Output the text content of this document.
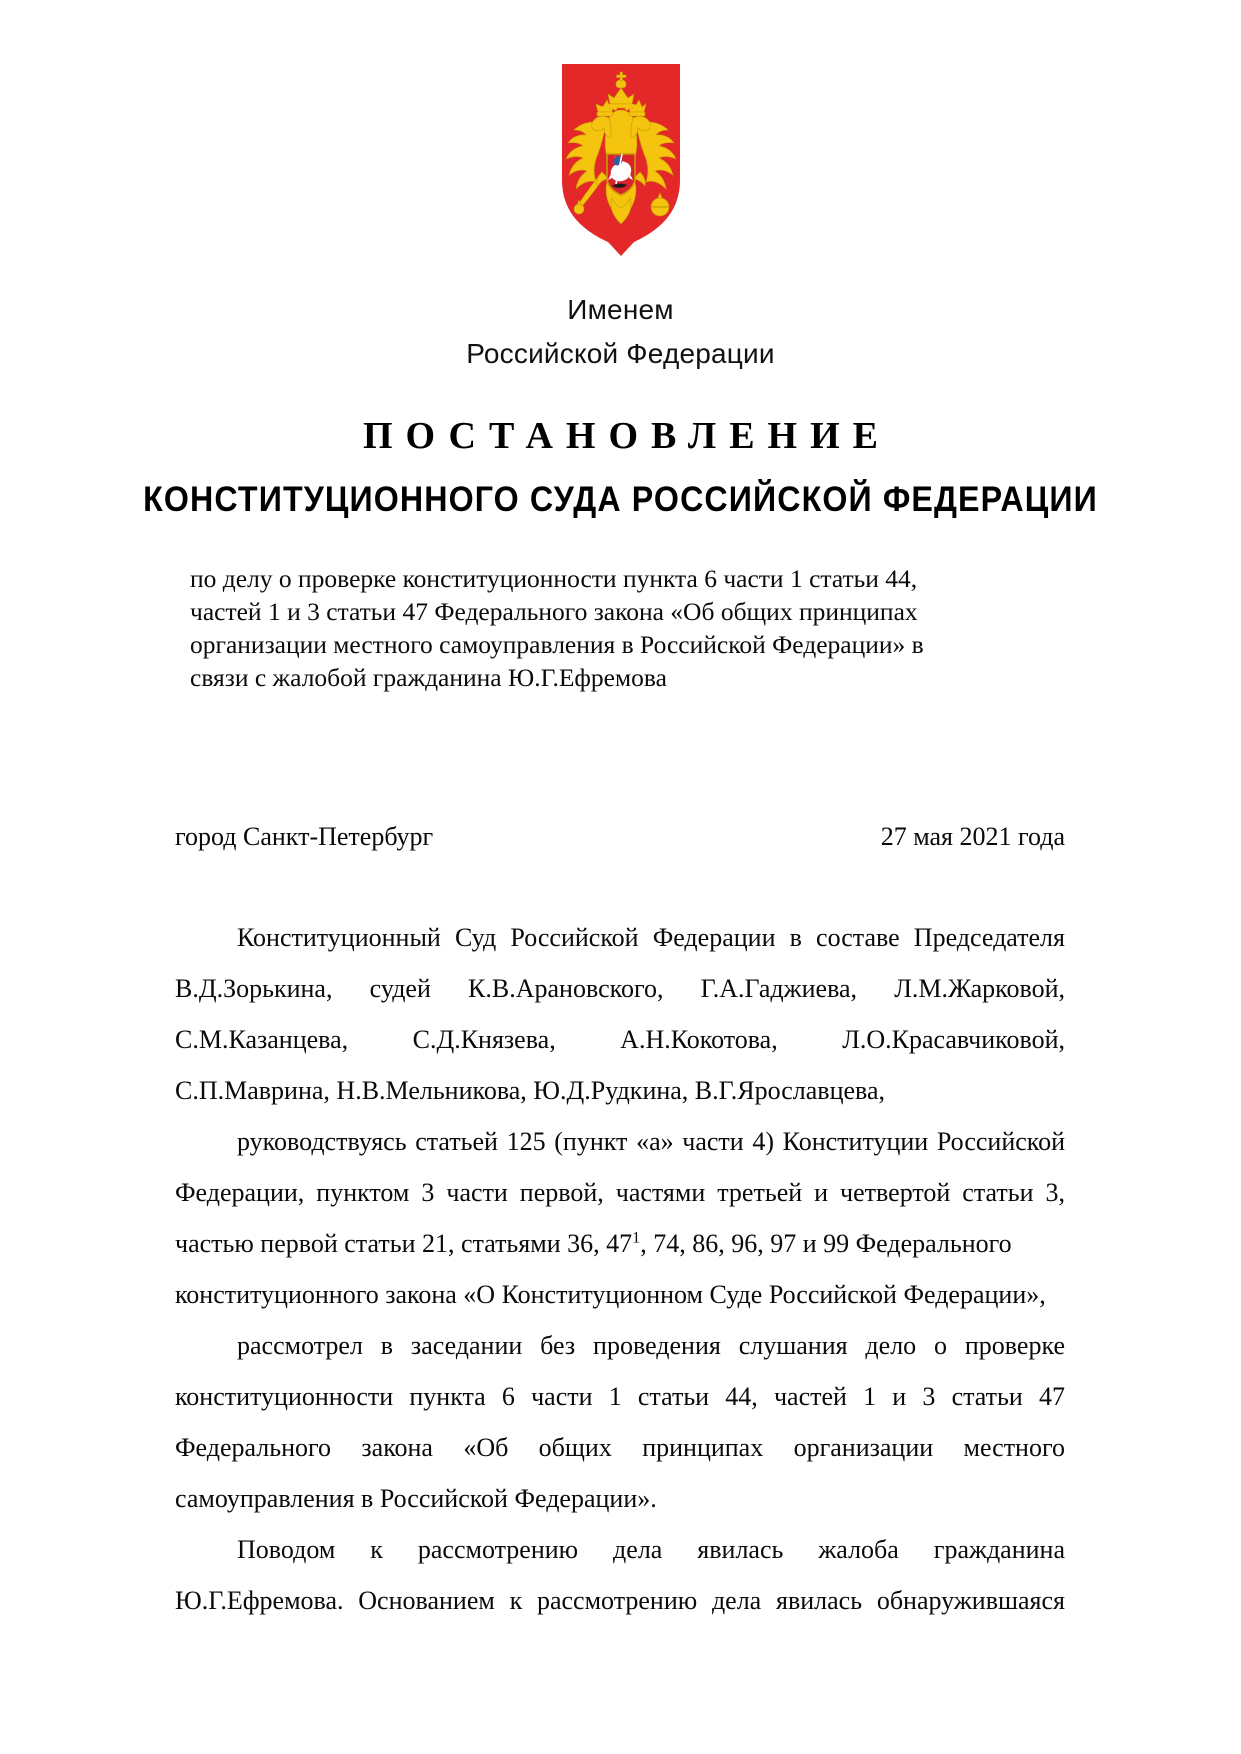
Именем
Российской Федерации
ПОСТАНОВЛЕНИЕ
КОНСТИТУЦИОННОГО СУДА РОССИЙСКОЙ ФЕДЕРАЦИИ
по делу о проверке конституционности пункта 6 части 1 статьи 44,
частей 1 и 3 статьи 47 Федерального закона «Об общих принципах
организации местного самоуправления в Российской Федерации» в
связи с жалобой гражданина Ю.Г.Ефремова
город Санкт-Петербург	27 мая 2021 года

Конституционный Суд Российской Федерации в составе Председателя

В.Д.Зорькина, судей К.В.Арановского, Г.А.Гаджиева, Л.М.Жарковой,

С.М.Казанцева, С.Д.Князева, А.Н.Кокотова, Л.О.Красавчиковой,

С.П.Маврина, Н.В.Мельникова, Ю.Д.Рудкина, В.Г.Ярославцева,

руководствуясь статьей 125 (пункт «а» части 4) Конституции Российской

Федерации, пунктом 3 части первой, частями третьей и четвертой статьи 3,

частью первой статьи 21, статьями 36, $47^1$, 74, 86, 96, 97 и 99 Федерального

конституционного закона «О Конституционном Суде Российской Федерации»,

рассмотрел в заседании без проведения слушания дело о проверке

конституционности пункта 6 части 1 статьи 44, частей 1 и 3 статьи 47

Федерального закона «Об общих принципах организации местного

самоуправления в Российской Федерации».

Поводом к рассмотрению дела явилась жалоба гражданина

Ю.Г.Ефремова. Основанием к рассмотрению дела явилась обнаружившаяся
